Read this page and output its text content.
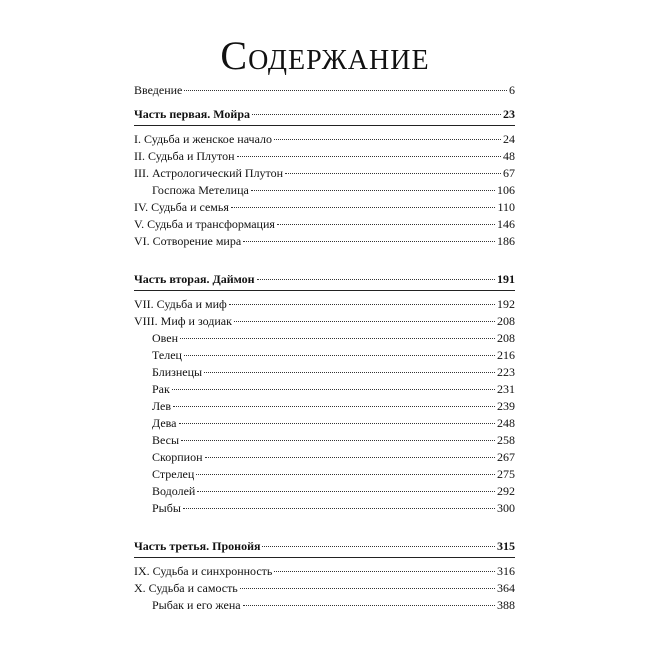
Содержание
Введение	6
Часть первая. Мойра	23
I. Судьба и женское начало	24
II. Судьба и Плутон	48
III. Астрологический Плутон	67
Госпожа Метелица	106
IV. Судьба и семья	110
V. Судьба и трансформация	146
VI. Сотворение мира	186
Часть вторая. Даймон	191
VII. Судьба и миф	192
VIII. Миф и зодиак	208
Овен	208
Телец	216
Близнецы	223
Рак	231
Лев	239
Дева	248
Весы	258
Скорпион	267
Стрелец	275
Водолей	292
Рыбы	300
Часть третья. Пронойя	315
IX. Судьба и синхронность	316
X. Судьба и самость	364
Рыбак и его жена	388
